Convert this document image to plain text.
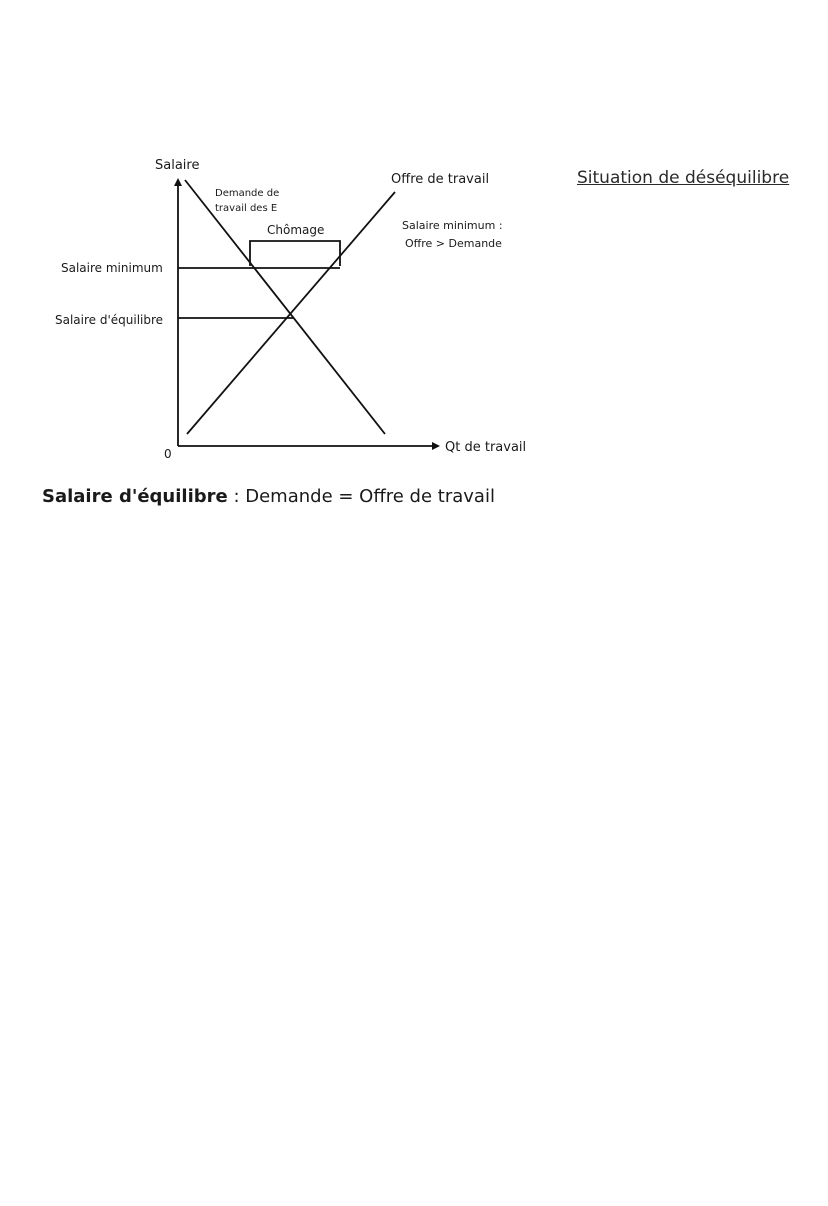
Salaire
Qt de travail
0
Demande de
travail des E
Offre de travail
Chômage
Salaire minimum
Salaire d'équilibre
Salaire minimum :
Offre > Demande
Situation de déséquilibre
Salaire d'équilibre : Demande = Offre de travail
